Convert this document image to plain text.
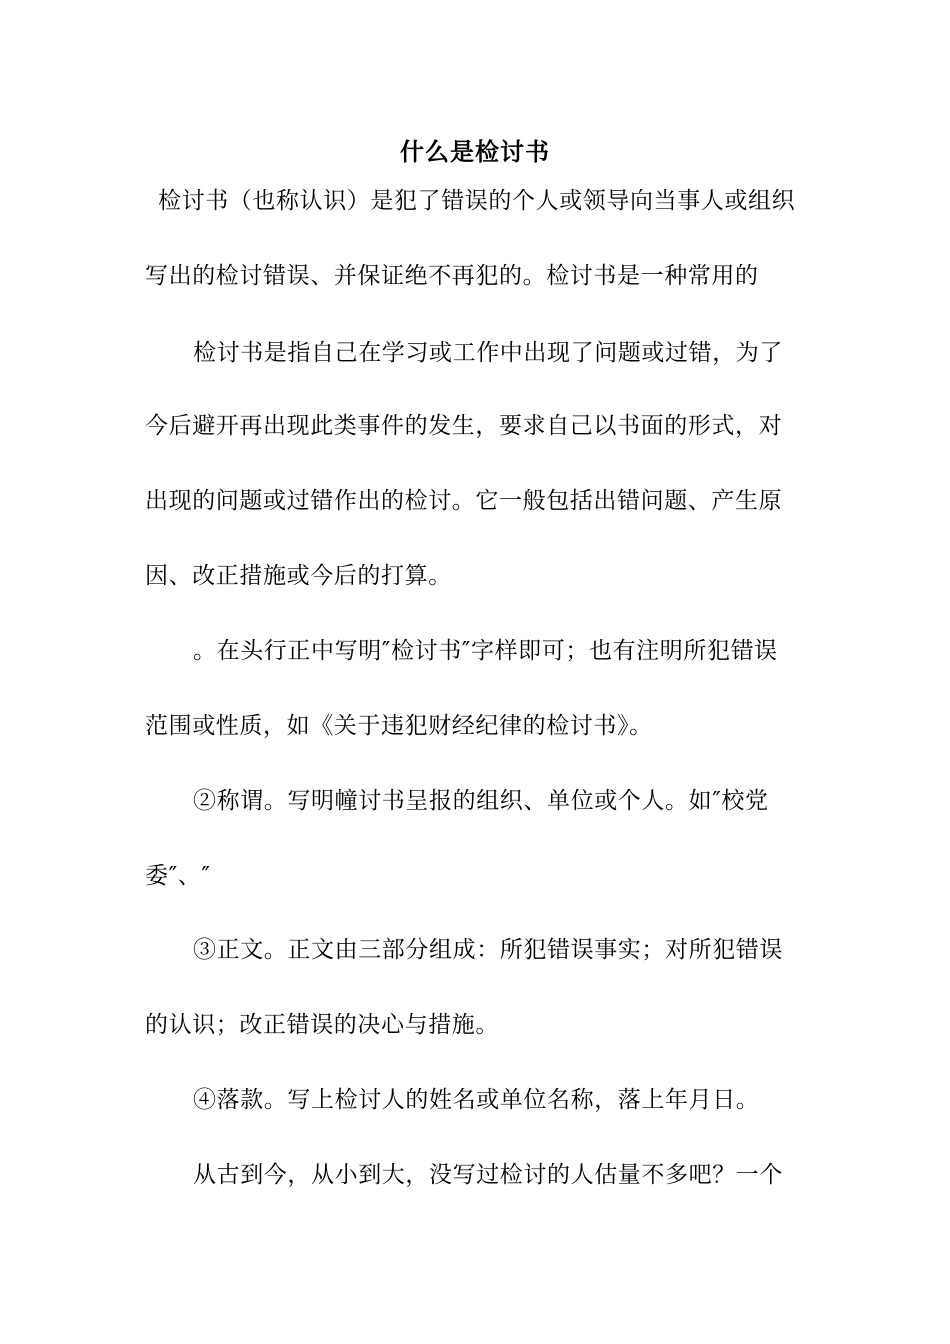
什么是检讨书
检讨书（也称认识）是犯了错误的个人或领导向当事人或组织
写出的检讨错误、并保证绝不再犯的。检讨书是一种常用的
检讨书是指自己在学习或工作中出现了问题或过错，为了
今后避开再出现此类事件的发生，要求自己以书面的形式，对
出现的问题或过错作出的检讨。它一般包括出错问题、产生原
因、改正措施或今后的打算。
。在头行正中写明″检讨书″字样即可；也有注明所犯错误
范围或性质，如《关于违犯财经纪律的检讨书》。
②称谓。写明幢讨书呈报的组织、单位或个人。如″校党
委″、″
③正文。正文由三部分组成：所犯错误事实；对所犯错误
的认识；改正错误的决心与措施。
④落款。写上检讨人的姓名或单位名称，落上年月日。
从古到今，从小到大，没写过检讨的人估量不多吧？一个
